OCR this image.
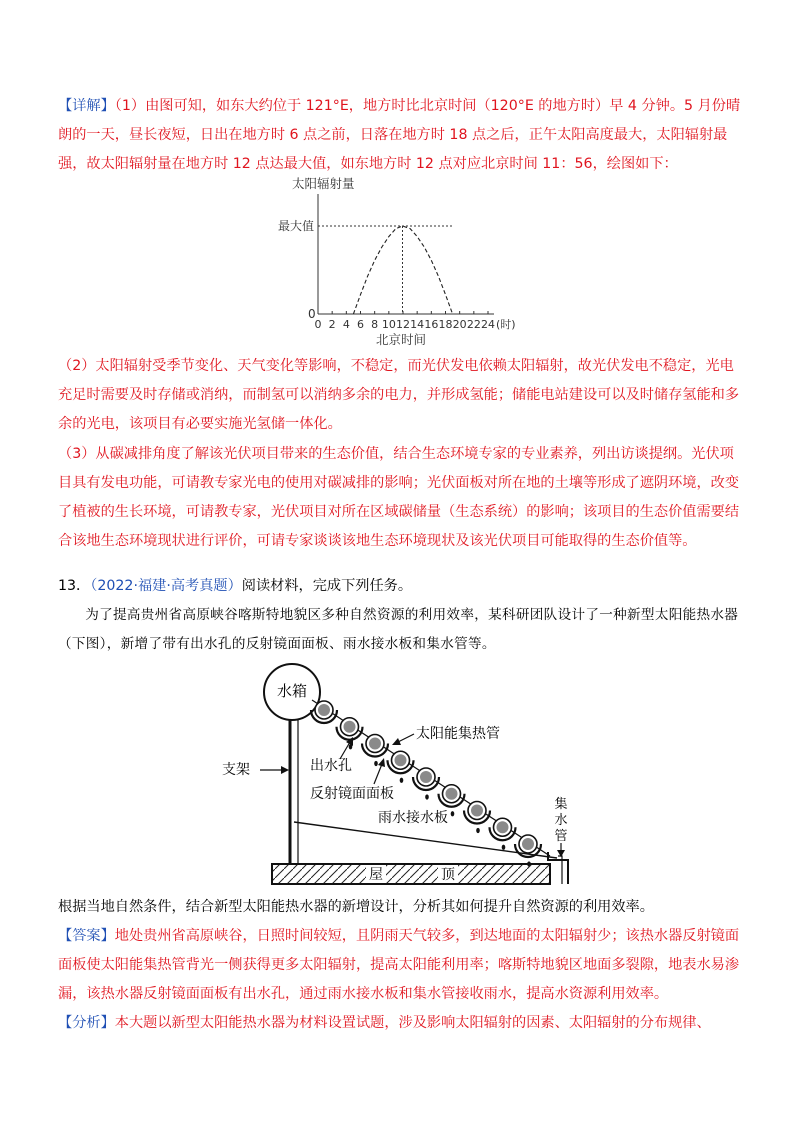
【详解】（1）由图可知，如东大约位于 121°E，地方时比北京时间（120°E 的地方时）早 4 分钟。5 月份晴朗的一天，昼长夜短，日出在地方时 6 点之前，日落在地方时 18 点之后，正午太阳高度最大，太阳辐射最强，故太阳辐射量在地方时 12 点达最大值，如东地方时 12 点对应北京时间 11：56，绘图如下：

太阳辐射量
最大值
0
0 2 4 6 8 10 12 14 16 18 20 22 24 (时)
北京时间

（2）太阳辐射受季节变化、天气变化等影响，不稳定，而光伏发电依赖太阳辐射，故光伏发电不稳定，光电充足时需要及时存储或消纳，而制氢可以消纳多余的电力，并形成氢能；储能电站建设可以及时储存氢能和多余的光电，该项目有必要实施光氢储一体化。

（3）从碳减排角度了解该光伏项目带来的生态价值，结合生态环境专家的专业素养，列出访谈提纲。光伏项目具有发电功能，可请教专家光电的使用对碳减排的影响；光伏面板对所在地的土壤等形成了遮阴环境，改变了植被的生长环境，可请教专家，光伏项目对所在区域碳储量（生态系统）的影响；该项目的生态价值需要结合该地生态环境现状进行评价，可请专家谈谈该地生态环境现状及该光伏项目可能取得的生态价值等。

13．（2022·福建·高考真题）阅读材料，完成下列任务。

为了提高贵州省高原峡谷喀斯特地貌区多种自然资源的利用效率，某科研团队设计了一种新型太阳能热水器（下图），新增了带有出水孔的反射镜面面板、雨水接水板和集水管等。

水箱
屋	顶
支架
太阳能集热管
出水孔
反射镜面面板
雨水接水板
集
水
管

根据当地自然条件，结合新型太阳能热水器的新增设计，分析其如何提升自然资源的利用效率。

【答案】地处贵州省高原峡谷，日照时间较短，且阴雨天气较多，到达地面的太阳辐射少；该热水器反射镜面面板使太阳能集热管背光一侧获得更多太阳辐射，提高太阳能利用率；喀斯特地貌区地面多裂隙，地表水易渗漏，该热水器反射镜面面板有出水孔，通过雨水接水板和集水管接收雨水，提高水资源利用效率。

【分析】本大题以新型太阳能热水器为材料设置试题，涉及影响太阳辐射的因素、太阳辐射的分布规律、
